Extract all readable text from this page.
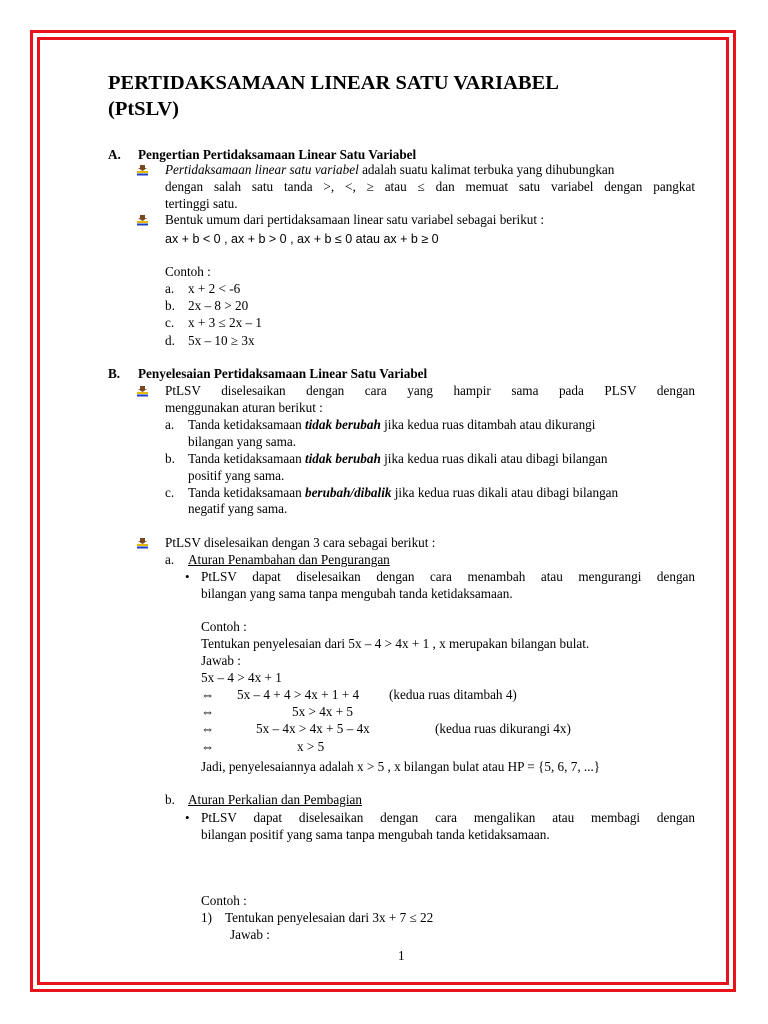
PERTIDAKSAMAAN LINEAR SATU VARIABEL
(PtSLV)
A. Pengertian Pertidaksamaan Linear Satu Variabel
Pertidaksamaan linear satu variabel adalah suatu kalimat terbuka yang dihubungkan
dengan salah satu tanda >, <, ≥ atau ≤ dan memuat satu variabel dengan pangkat
tertinggi satu.
Bentuk umum dari pertidaksamaan linear satu variabel sebagai berikut :
ax + b < 0 , ax + b > 0 , ax + b ≤ 0 atau ax + b ≥ 0
Contoh :
a. x + 2 < -6
b. 2x – 8 > 20
c. x + 3 ≤ 2x – 1
d. 5x – 10 ≥ 3x
B. Penyelesaian Pertidaksamaan Linear Satu Variabel
PtLSV diselesaikan dengan cara yang hampir sama pada PLSV dengan
menggunakan aturan berikut :
a. Tanda ketidaksamaan tidak berubah jika kedua ruas ditambah atau dikurangi
bilangan yang sama.
b. Tanda ketidaksamaan tidak berubah jika kedua ruas dikali atau dibagi bilangan
positif yang sama.
c. Tanda ketidaksamaan berubah/dibalik jika kedua ruas dikali atau dibagi bilangan
negatif yang sama.
PtLSV diselesaikan dengan 3 cara sebagai berikut :
a. Aturan Penambahan dan Pengurangan
• PtLSV dapat diselesaikan dengan cara menambah atau mengurangi dengan
bilangan yang sama tanpa mengubah tanda ketidaksamaan.
Contoh :
Tentukan penyelesaian dari 5x – 4 > 4x + 1 , x merupakan bilangan bulat.
Jawab :
5x – 4 > 4x + 1
⇔ 5x – 4 + 4 > 4x + 1 + 4 (kedua ruas ditambah 4)
⇔	5x > 4x + 5
⇔	5x – 4x > 4x + 5 – 4x	(kedua ruas dikurangi 4x)
⇔	x > 5
Jadi, penyelesaiannya adalah x > 5 , x bilangan bulat atau HP = {5, 6, 7, ...}
b. Aturan Perkalian dan Pembagian
• PtLSV dapat diselesaikan dengan cara mengalikan atau membagi dengan
bilangan positif yang sama tanpa mengubah tanda ketidaksamaan.
Contoh :
1) Tentukan penyelesaian dari 3x + 7 ≤ 22
Jawab :
1
